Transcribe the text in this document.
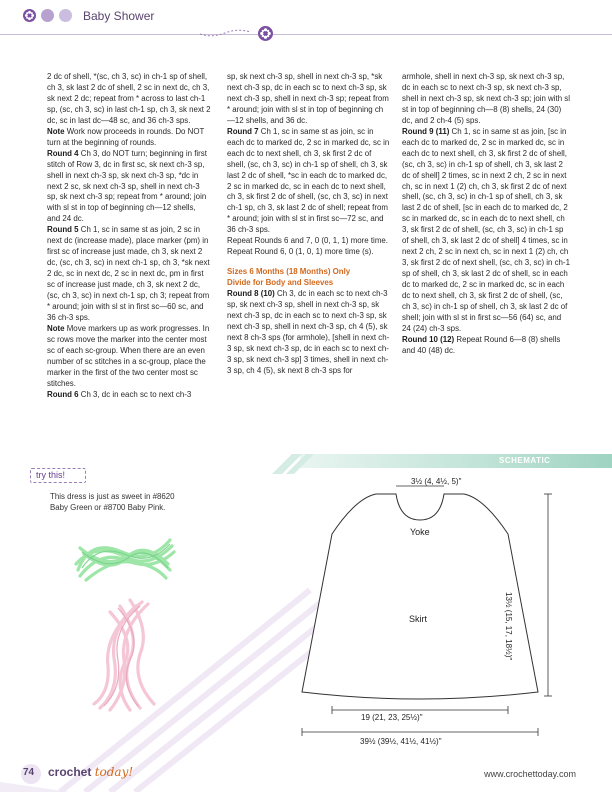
Baby Shower

2 dc of shell, *(sc, ch 3, sc) in ch-1 sp of shell, ch 3, sk last 2 dc of shell, 2 sc in next dc, ch 3, sk next 2 dc; repeat from * across to last ch-1 sp, (sc, ch 3, sc) in last ch-1 sp, ch 3, sk next 2 dc, sc in last dc—48 sc, and 36 ch-3 sps.

Note Work now proceeds in rounds. Do NOT turn at the beginning of rounds.

Round 4 Ch 3, do NOT turn; beginning in first stitch of Row 3, dc in first sc, sk next ch-3 sp, shell in next ch-3 sp, sk next ch-3 sp, *dc in next 2 sc, sk next ch-3 sp, shell in next ch-3 sp, sk next ch-3 sp; repeat from * around; join with sl st in top of beginning ch—12 shells, and 24 dc.

Round 5 Ch 1, sc in same st as join, 2 sc in next dc (increase made), place marker (pm) in first sc of increase just made, ch 3, sk next 2 dc, (sc, ch 3, sc) in next ch-1 sp, ch 3, *sk next 2 dc, sc in next dc, 2 sc in next dc, pm in first sc of increase just made, ch 3, sk next 2 dc, (sc, ch 3, sc) in next ch-1 sp, ch 3; repeat from * around; join with sl st in first sc—60 sc, and 36 ch-3 sps.

Note Move markers up as work progresses. In sc rows move the marker into the center most sc of each sc-group. When there are an even number of sc stitches in a sc-group, place the marker in the first of the two center most sc stitches.

Round 6 Ch 3, dc in each sc to next ch-3

sp, sk next ch-3 sp, shell in next ch-3 sp, *sk next ch-3 sp, dc in each sc to next ch-3 sp, sk next ch-3 sp, shell in next ch-3 sp; repeat from * around; join with sl st in top of beginning ch—12 shells, and 36 dc.

Round 7 Ch 1, sc in same st as join, sc in each dc to marked dc, 2 sc in marked dc, sc in each dc to next shell, ch 3, sk first 2 dc of shell, (sc, ch 3, sc) in ch-1 sp of shell, ch 3, sk last 2 dc of shell, *sc in each dc to marked dc, 2 sc in marked dc, sc in each dc to next shell, ch 3, sk first 2 dc of shell, (sc, ch 3, sc) in next ch-1 sp, ch 3, sk last 2 dc of shell; repeat from * around; join with sl st in first sc—72 sc, and 36 ch-3 sps.

Repeat Rounds 6 and 7, 0 (0, 1, 1) more time.

Repeat Round 6, 0 (1, 0, 1) more time (s).

Sizes 6 Months (18 Months) Only

Divide for Body and Sleeves

Round 8 (10) Ch 3, dc in each sc to next ch-3 sp, sk next ch-3 sp, shell in next ch-3 sp, sk next ch-3 sp, dc in each sc to next ch-3 sp, sk next ch-3 sp, shell in next ch-3 sp, ch 4 (5), sk next 8 ch-3 sps (for armhole), [shell in next ch-3 sp, sk next ch-3 sp, dc in each sc to next ch-3 sp, sk next ch-3 sp] 3 times, shell in next ch-3 sp, ch 4 (5), sk next 8 ch-3 sps for

armhole, shell in next ch-3 sp, sk next ch-3 sp, dc in each sc to next ch-3 sp, sk next ch-3 sp, shell in next ch-3 sp, sk next ch-3 sp; join with sl st in top of beginning ch—8 (8) shells, 24 (30) dc, and 2 ch-4 (5) sps.

Round 9 (11) Ch 1, sc in same st as join, [sc in each dc to marked dc, 2 sc in marked dc, sc in each dc to next shell, ch 3, sk first 2 dc of shell, (sc, ch 3, sc) in ch-1 sp of shell, ch 3, sk last 2 dc of shell] 2 times, sc in next 2 ch, 2 sc in next ch, sc in next 1 (2) ch, ch 3, sk first 2 dc of next shell, (sc, ch 3, sc) in ch-1 sp of shell, ch 3, sk last 2 dc of shell, [sc in each dc to marked dc, 2 sc in marked dc, sc in each dc to next shell, ch 3, sk first 2 dc of shell, (sc, ch 3, sc) in ch-1 sp of shell, ch 3, sk last 2 dc of shell] 4 times, sc in next 2 ch, 2 sc in next ch, sc in next 1 (2) ch, ch 3, sk first 2 dc of next shell, (sc, ch 3, sc) in ch-1 sp of shell, ch 3, sk last 2 dc of shell, sc in each dc to marked dc, 2 sc in marked dc, sc in each dc to next shell, ch 3, sk first 2 dc of shell, (sc, ch 3, sc) in ch-1 sp of shell, ch 3, sk last 2 dc of shell; join with sl st in first sc—56 (64) sc, and 24 (24) ch-3 sps.

Round 10 (12) Repeat Round 6—8 (8) shells and 40 (48) dc.

SCHEMATIC
try this!
This dress is just as sweet in #8620 Baby Green or #8700 Baby Pink.
3½ (4, 4½, 5)"
Yoke
Skirt	13½ (15, 17, 18½)"
19 (21, 23, 25½)"
39½ (39½, 41½, 41½)"
74 crochet today!	www.crochettoday.com
